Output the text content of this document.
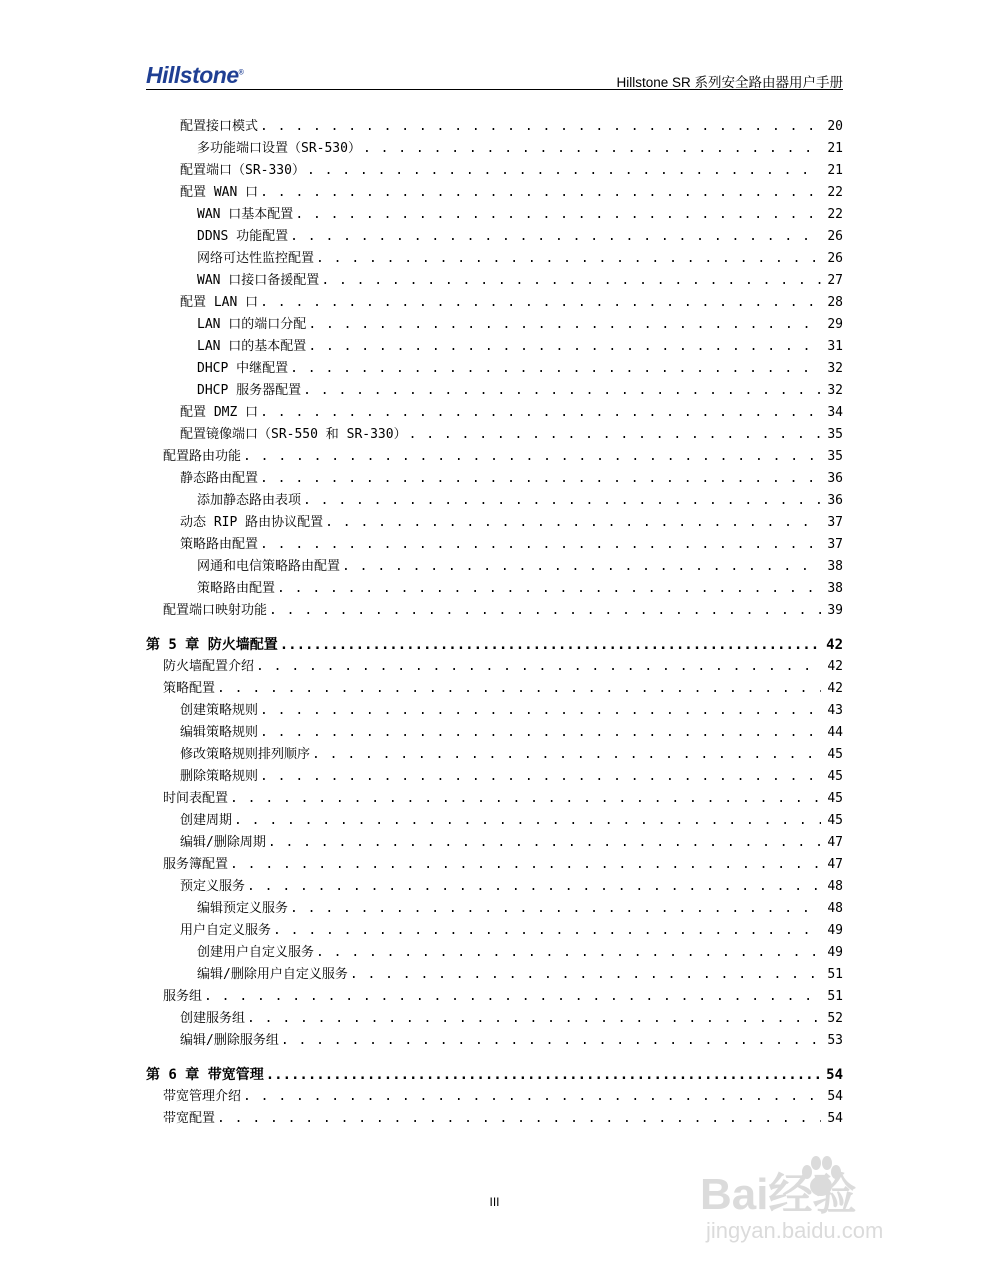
Hillstone®
Hillstone SR 系列安全路由器用户手册
配置接口模式 . . .	20
多功能端口设置（SR-530） . . .	21
配置端口（SR-330） . . .	21
配置 WAN 口 . . .	22
WAN 口基本配置 . . .	22
DDNS 功能配置 . . .	26
网络可达性监控配置 . . .	26
WAN 口接口备援配置 . . .	27
配置 LAN 口 . . .	28
LAN 口的端口分配 . . .	29
LAN 口的基本配置 . . .	31
DHCP 中继配置 . . .	32
DHCP 服务器配置 . . .	32
配置 DMZ 口 . . .	34
配置镜像端口（SR-550 和 SR-330） . . .	35
配置路由功能 . . .	35
静态路由配置 . . .	36
添加静态路由表项 . . .	36
动态 RIP 路由协议配置 . . .	37
策略路由配置 . . .	37
网通和电信策略路由配置 . . .	38
策略路由配置 . . .	38
配置端口映射功能 . . .	39
第 5 章 防火墙配置 .....	42
防火墙配置介绍 . . .	42
策略配置 . . .	42
创建策略规则 . . .	43
编辑策略规则 . . .	44
修改策略规则排列顺序 . . .	45
删除策略规则 . . .	45
时间表配置 . . .	45
创建周期 . . .	45
编辑/删除周期 . . .	47
服务簿配置 . . .	47
预定义服务 . . .	48
编辑预定义服务 . . .	48
用户自定义服务 . . .	49
创建用户自定义服务 . . .	49
编辑/删除用户自定义服务 . . .	51
服务组 . . .	51
创建服务组 . . .	52
编辑/删除服务组 . . .	53
第 6 章 带宽管理 .....	54
带宽管理介绍 . . .	54
带宽配置 . . .	54
III	Bai经验
jingyan.baidu.com
